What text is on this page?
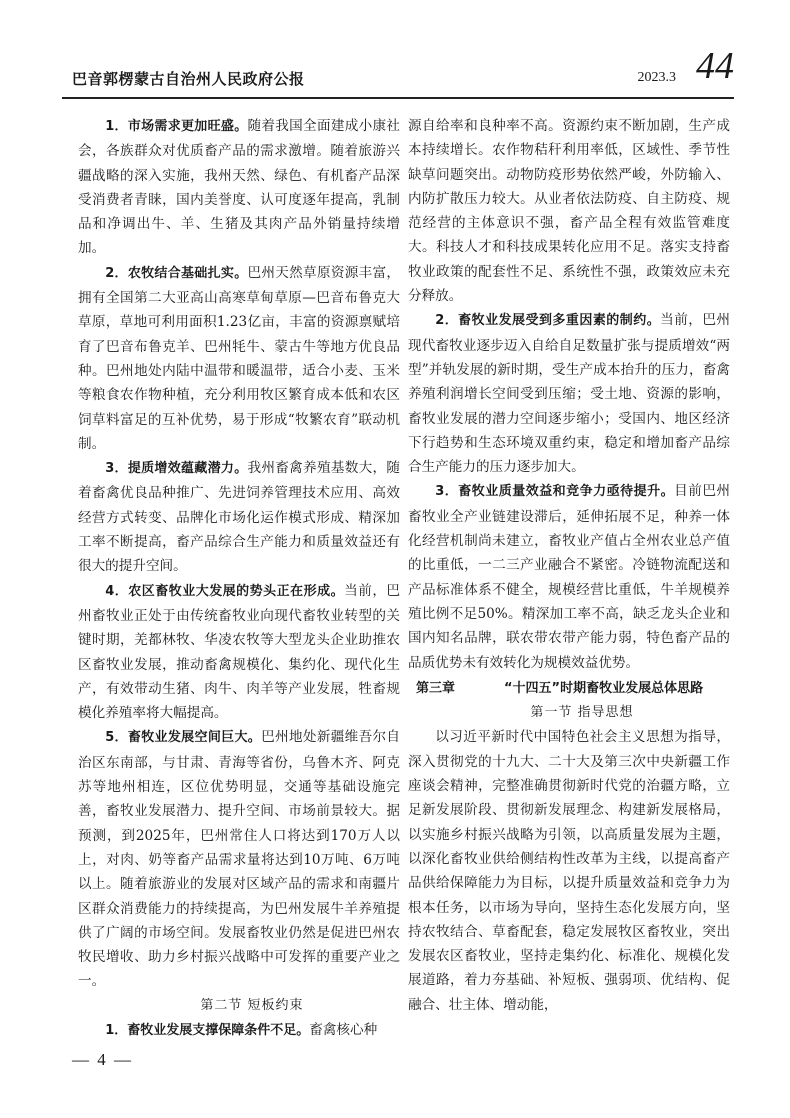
巴音郭楞蒙古自治州人民政府公报	2023.3 44

1．市场需求更加旺盛。随着我国全面建成小康社会，各族群众对优质畜产品的需求激增。随着旅游兴疆战略的深入实施，我州天然、绿色、有机畜产品深受消费者青睐，国内美誉度、认可度逐年提高，乳制品和净调出牛、羊、生猪及其肉产品外销量持续增加。

2．农牧结合基础扎实。巴州天然草原资源丰富，拥有全国第二大亚高山高寒草甸草原—巴音布鲁克大草原，草地可利用面积1.23亿亩，丰富的资源禀赋培育了巴音布鲁克羊、巴州牦牛、蒙古牛等地方优良品种。巴州地处内陆中温带和暖温带，适合小麦、玉米等粮食农作物种植，充分利用牧区繁育成本低和农区饲草料富足的互补优势，易于形成“牧繁农育”联动机制。

3．提质增效蕴藏潜力。我州畜禽养殖基数大，随着畜禽优良品种推广、先进饲养管理技术应用、高效经营方式转变、品牌化市场化运作模式形成、精深加工率不断提高，畜产品综合生产能力和质量效益还有很大的提升空间。

4．农区畜牧业大发展的势头正在形成。当前，巴州畜牧业正处于由传统畜牧业向现代畜牧业转型的关键时期，羌都林牧、华凌农牧等大型龙头企业助推农区畜牧业发展，推动畜禽规模化、集约化、现代化生产，有效带动生猪、肉牛、肉羊等产业发展，牲畜规模化养殖率将大幅提高。

5．畜牧业发展空间巨大。巴州地处新疆维吾尔自治区东南部，与甘肃、青海等省份，乌鲁木齐、阿克苏等地州相连，区位优势明显，交通等基础设施完善，畜牧业发展潜力、提升空间、市场前景较大。据预测，到2025年，巴州常住人口将达到170万人以上，对肉、奶等畜产品需求量将达到10万吨、6万吨以上。随着旅游业的发展对区域产品的需求和南疆片区群众消费能力的持续提高，为巴州发展牛羊养殖提供了广阔的市场空间。发展畜牧业仍然是促进巴州农牧民增收、助力乡村振兴战略中可发挥的重要产业之一。

第二节 短板约束

1．畜牧业发展支撑保障条件不足。畜禽核心种

源自给率和良种率不高。资源约束不断加剧，生产成本持续增长。农作物秸秆利用率低，区域性、季节性缺草问题突出。动物防疫形势依然严峻，外防输入、内防扩散压力较大。从业者依法防疫、自主防疫、规范经营的主体意识不强，畜产品全程有效监管难度大。科技人才和科技成果转化应用不足。落实支持畜牧业政策的配套性不足、系统性不强，政策效应未充分释放。

2．畜牧业发展受到多重因素的制约。当前，巴州现代畜牧业逐步迈入自给自足数量扩张与提质增效“两型”并轨发展的新时期，受生产成本抬升的压力，畜禽养殖利润增长空间受到压缩；受土地、资源的影响，畜牧业发展的潜力空间逐步缩小；受国内、地区经济下行趋势和生态环境双重约束，稳定和增加畜产品综合生产能力的压力逐步加大。

3．畜牧业质量效益和竞争力亟待提升。目前巴州畜牧业全产业链建设滞后，延伸拓展不足，种养一体化经营机制尚未建立，畜牧业产值占全州农业总产值的比重低，一二三产业融合不紧密。冷链物流配送和产品标准体系不健全，规模经营比重低，牛羊规模养殖比例不足50%。精深加工率不高，缺乏龙头企业和国内知名品牌，联农带农带产能力弱，特色畜产品的品质优势未有效转化为规模效益优势。

第三章	“十四五”时期畜牧业发展总体思路

第一节 指导思想

以习近平新时代中国特色社会主义思想为指导，深入贯彻党的十九大、二十大及第三次中央新疆工作座谈会精神，完整准确贯彻新时代党的治疆方略，立足新发展阶段、贯彻新发展理念、构建新发展格局，以实施乡村振兴战略为引领，以高质量发展为主题，以深化畜牧业供给侧结构性改革为主线，以提高畜产品供给保障能力为目标，以提升质量效益和竞争力为根本任务，以市场为导向，坚持生态化发展方向，坚持农牧结合、草畜配套，稳定发展牧区畜牧业，突出发展农区畜牧业，坚持走集约化、标准化、规模化发展道路，着力夯基础、补短板、强弱项、优结构、促融合、壮主体、增动能，

— 4 —
